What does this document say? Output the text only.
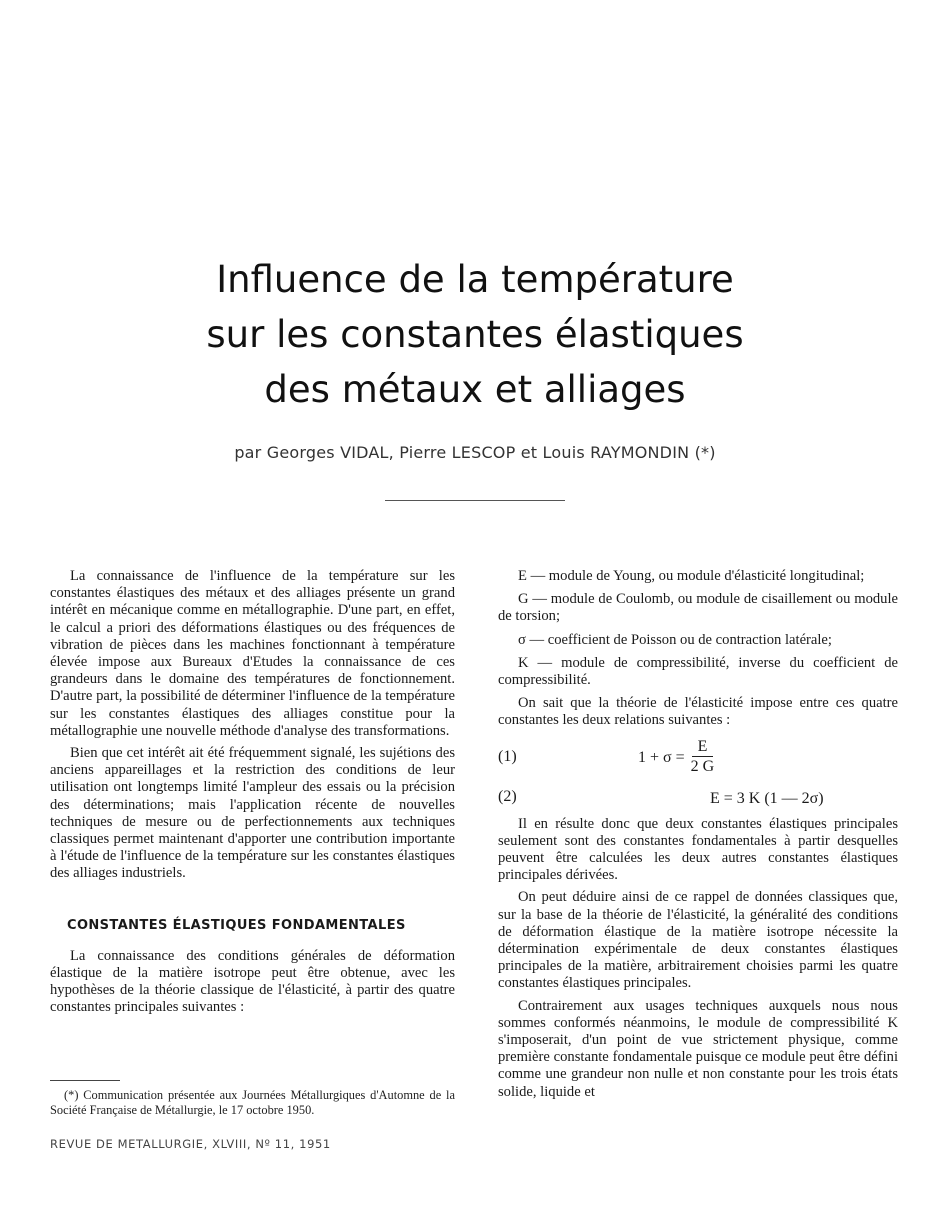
Influence de la température
sur les constantes élastiques
des métaux et alliages
par Georges VIDAL, Pierre LESCOP et Louis RAYMONDIN (*)

La connaissance de l'influence de la température sur les constantes élastiques des métaux et des alliages présente un grand intérêt en mécanique comme en métallographie. D'une part, en effet, le calcul a priori des déformations élastiques ou des fréquences de vibration de pièces dans les machines fonctionnant à température élevée impose aux Bureaux d'Etudes la connaissance de ces grandeurs dans le domaine des températures de fonctionnement. D'autre part, la possibilité de déterminer l'influence de la température sur les constantes élastiques des alliages constitue pour la métallographie une nouvelle méthode d'analyse des transformations.

Bien que cet intérêt ait été fréquemment signalé, les sujétions des anciens appareillages et la restriction des conditions de leur utilisation ont longtemps limité l'ampleur des essais ou la précision des déterminations; mais l'application récente de nouvelles techniques de mesure ou de perfectionnements aux techniques classiques permet maintenant d'apporter une contribution importante à l'étude de l'influence de la température sur les constantes élastiques des alliages industriels.

CONSTANTES ÉLASTIQUES FONDAMENTALES

La connaissance des conditions générales de déformation élastique de la matière isotrope peut être obtenue, avec les hypothèses de la théorie classique de l'élasticité, à partir des quatre constantes principales suivantes :

E — module de Young, ou module d'élasticité longitudinal;

G — module de Coulomb, ou module de cisaillement ou module de torsion;

σ — coefficient de Poisson ou de contraction latérale;

K — module de compressibilité, inverse du coefficient de compressibilité.

On sait que la théorie de l'élasticité impose entre ces quatre constantes les deux relations suivantes :

(1)	$1 + \sigma = \frac{E}{2 G}$
(2)	E = 3 K (1 — 2σ)

Il en résulte donc que deux constantes élastiques principales seulement sont des constantes fondamentales à partir desquelles peuvent être calculées les deux autres constantes élastiques principales dérivées.

On peut déduire ainsi de ce rappel de données classiques que, sur la base de la théorie de l'élasticité, la généralité des conditions de déformation élastique de la matière isotrope nécessite la détermination expérimentale de deux constantes élastiques principales de la matière, arbitrairement choisies parmi les quatre constantes élastiques principales.

Contrairement aux usages techniques auxquels nous nous sommes conformés néanmoins, le module de compressibilité K s'imposerait, d'un point de vue strictement physique, comme première constante fondamentale puisque ce module peut être défini comme une grandeur non nulle et non constante pour les trois états solide, liquide et

(*) Communication présentée aux Journées Métallurgiques d'Automne de la Société Française de Métallurgie, le 17 octobre 1950.
REVUE DE METALLURGIE, XLVIII, Nº 11, 1951
